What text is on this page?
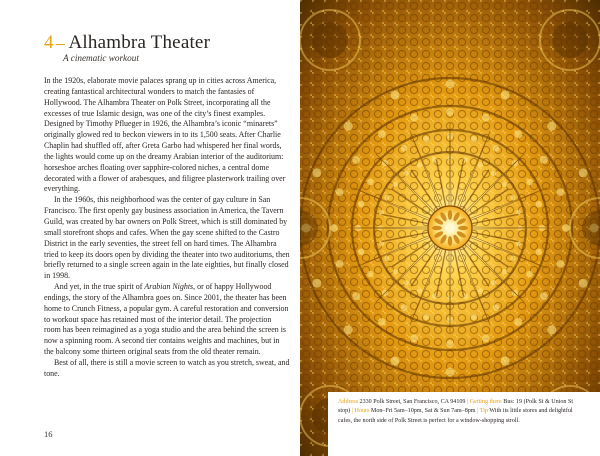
4 Alhambra Theater
A cinematic workout

In the 1920s, elaborate movie palaces sprang up in cities across America, creating fantastical architectural wonders to match the fantasies of Hollywood. The Alhambra Theater on Polk Street, incorporating all the excesses of true Islamic design, was one of the city’s finest examples. Designed by Timothy Pflueger in 1926, the Alhambra’s iconic “minarets” originally glowed red to beckon viewers in to its 1,500 seats. After Charlie Chaplin had shuffled off, after Greta Garbo had whispered her final words, the lights would come up on the dreamy Arabian interior of the auditorium: horseshoe arches floating over sapphire-colored niches, a central dome decorated with a flower of arabesques, and filigree plasterwork trailing over everything.

In the 1960s, this neighborhood was the center of gay culture in San Francisco. The first openly gay business association in America, the Tavern Guild, was created by bar owners on Polk Street, which is still dominated by small storefront shops and cafes. When the gay scene shifted to the Castro District in the early seventies, the street fell on hard times. The Alhambra tried to keep its doors open by dividing the theater into two auditoriums, then briefly returned to a single screen again in the late eighties, but finally closed in 1998.

And yet, in the true spirit of Arabian Nights, or of happy Hollywood endings, the story of the Alhambra goes on. Since 2001, the theater has been home to Crunch Fitness, a popular gym. A careful restoration and conversion to workout space has retained most of the interior detail. The projection room has been reimagined as a yoga studio and the area behind the screen is now a spinning room. A second tier contains weights and machines, but in the balcony some thirteen original seats from the old theater remain.

Best of all, there is still a movie screen to watch as you stretch, sweat, and tone.

16
Address 2330 Polk Street, San Francisco, CA 94109 | Getting there Bus: 19 (Polk St & Union St stop) | Hours Mon–Fri 5am–10pm, Sat & Sun 7am–8pm | Tip With its little stores and delightful cafes, the north side of Polk Street is perfect for a window-shopping stroll.
